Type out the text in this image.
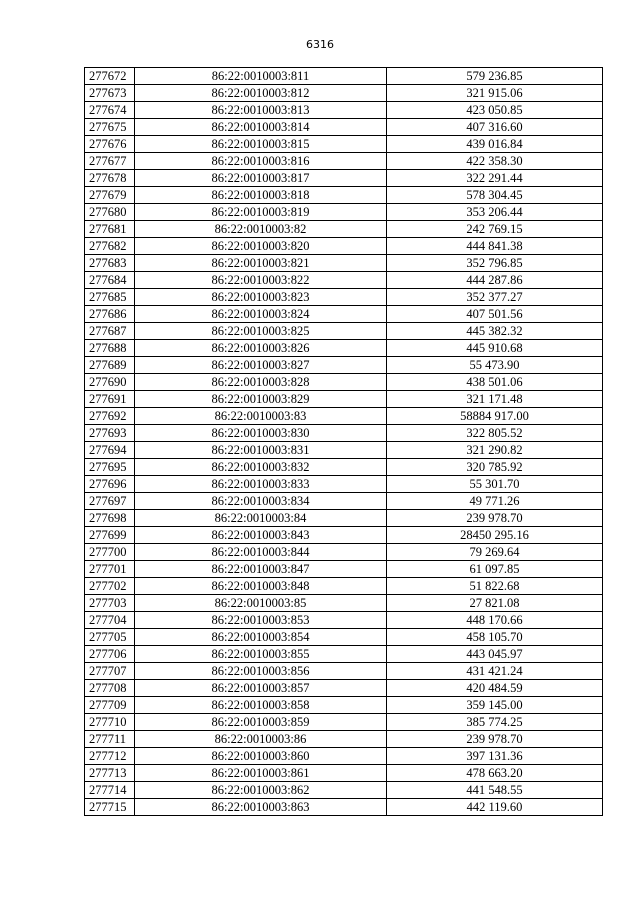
6316
277672	86:22:0010003:811	579 236.85
277673	86:22:0010003:812	321 915.06
277674	86:22:0010003:813	423 050.85
277675	86:22:0010003:814	407 316.60
277676	86:22:0010003:815	439 016.84
277677	86:22:0010003:816	422 358.30
277678	86:22:0010003:817	322 291.44
277679	86:22:0010003:818	578 304.45
277680	86:22:0010003:819	353 206.44
277681	86:22:0010003:82	242 769.15
277682	86:22:0010003:820	444 841.38
277683	86:22:0010003:821	352 796.85
277684	86:22:0010003:822	444 287.86
277685	86:22:0010003:823	352 377.27
277686	86:22:0010003:824	407 501.56
277687	86:22:0010003:825	445 382.32
277688	86:22:0010003:826	445 910.68
277689	86:22:0010003:827	55 473.90
277690	86:22:0010003:828	438 501.06
277691	86:22:0010003:829	321 171.48
277692	86:22:0010003:83	58884 917.00
277693	86:22:0010003:830	322 805.52
277694	86:22:0010003:831	321 290.82
277695	86:22:0010003:832	320 785.92
277696	86:22:0010003:833	55 301.70
277697	86:22:0010003:834	49 771.26
277698	86:22:0010003:84	239 978.70
277699	86:22:0010003:843	28450 295.16
277700	86:22:0010003:844	79 269.64
277701	86:22:0010003:847	61 097.85
277702	86:22:0010003:848	51 822.68
277703	86:22:0010003:85	27 821.08
277704	86:22:0010003:853	448 170.66
277705	86:22:0010003:854	458 105.70
277706	86:22:0010003:855	443 045.97
277707	86:22:0010003:856	431 421.24
277708	86:22:0010003:857	420 484.59
277709	86:22:0010003:858	359 145.00
277710	86:22:0010003:859	385 774.25
277711	86:22:0010003:86	239 978.70
277712	86:22:0010003:860	397 131.36
277713	86:22:0010003:861	478 663.20
277714	86:22:0010003:862	441 548.55
277715	86:22:0010003:863	442 119.60
